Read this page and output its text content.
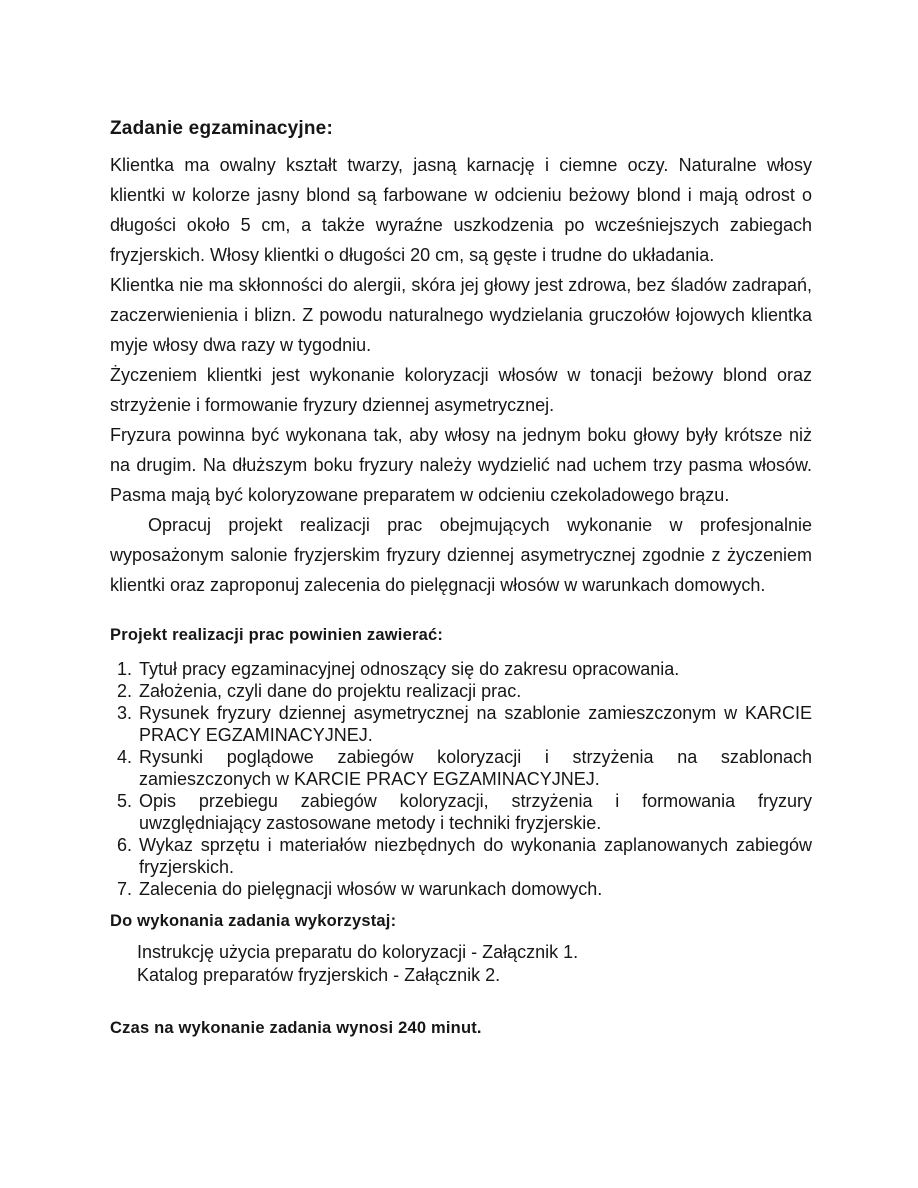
Zadanie egzaminacyjne:

Klientka ma owalny kształt twarzy, jasną karnację i ciemne oczy. Naturalne włosy klientki w kolorze jasny blond są farbowane w odcieniu beżowy blond i mają odrost o długości około 5 cm, a także wyraźne uszkodzenia po wcześniejszych zabiegach fryzjerskich. Włosy klientki o długości 20 cm, są gęste i trudne do układania.

Klientka nie ma skłonności do alergii, skóra jej głowy jest zdrowa, bez śladów zadrapań, zaczerwienienia i blizn. Z powodu naturalnego wydzielania gruczołów łojowych klientka myje włosy dwa razy w tygodniu.

Życzeniem klientki jest wykonanie koloryzacji włosów w tonacji beżowy blond oraz strzyżenie i formowanie fryzury dziennej asymetrycznej.

Fryzura powinna być wykonana tak, aby włosy na jednym boku głowy były krótsze niż na drugim. Na dłuższym boku fryzury należy wydzielić nad uchem trzy pasma włosów. Pasma mają być koloryzowane preparatem w odcieniu czekoladowego brązu.

Opracuj projekt realizacji prac obejmujących wykonanie w profesjonalnie wyposażonym salonie fryzjerskim fryzury dziennej asymetrycznej zgodnie z życzeniem klientki oraz zaproponuj zalecenia do pielęgnacji włosów w warunkach domowych.

Projekt realizacji prac powinien zawierać:
1. Tytuł pracy egzaminacyjnej odnoszący się do zakresu opracowania.
2. Założenia, czyli dane do projektu realizacji prac.
3. Rysunek fryzury dziennej asymetrycznej na szablonie zamieszczonym w KARCIE PRACY EGZAMINACYJNEJ.
4. Rysunki poglądowe zabiegów koloryzacji i strzyżenia na szablonach zamieszczonych w KARCIE PRACY EGZAMINACYJNEJ.
5. Opis przebiegu zabiegów koloryzacji, strzyżenia i formowania fryzury uwzględniający zastosowane metody i techniki fryzjerskie.
6. Wykaz sprzętu i materiałów niezbędnych do wykonania zaplanowanych zabiegów fryzjerskich.
7. Zalecenia do pielęgnacji włosów w warunkach domowych.
Do wykonania zadania wykorzystaj:

Instrukcję użycia preparatu do koloryzacji - Załącznik 1.

Katalog preparatów fryzjerskich - Załącznik 2.

Czas na wykonanie zadania wynosi 240 minut.
